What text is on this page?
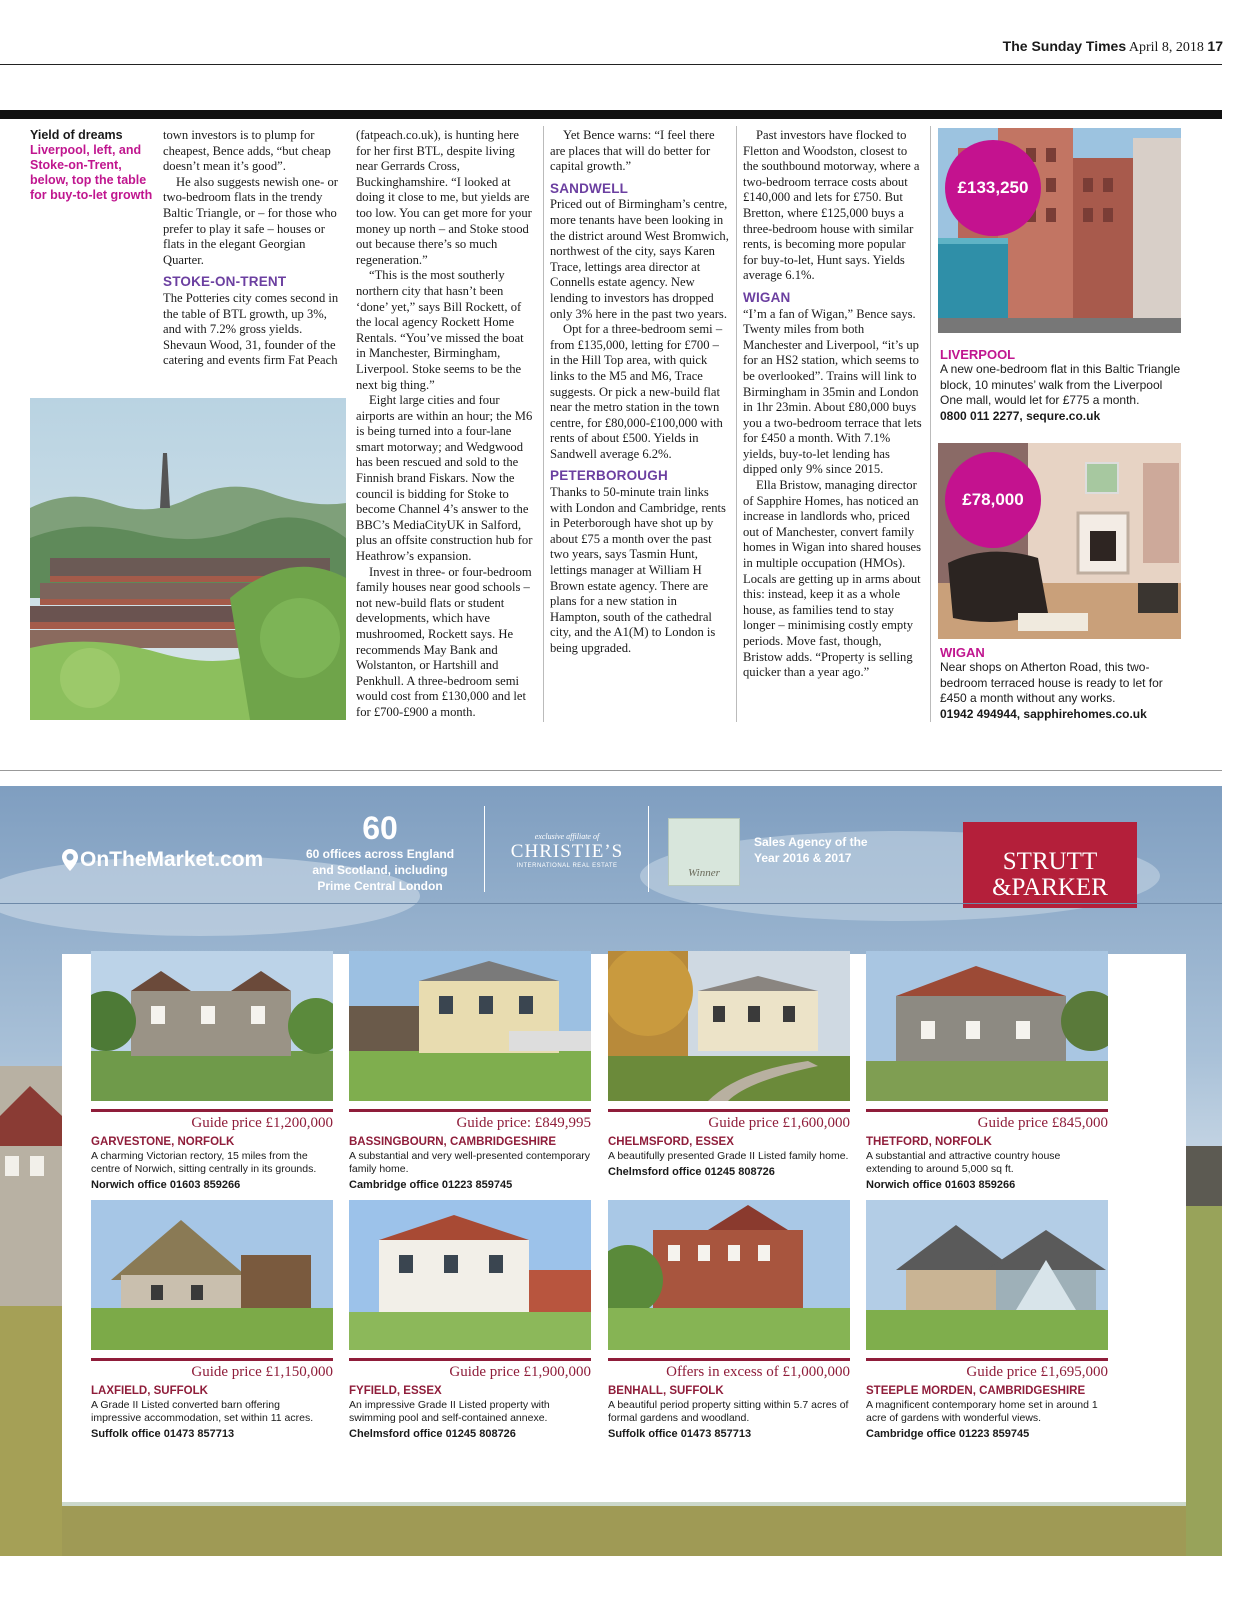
The Sunday Times April 8, 2018 17
Yield of dreams
Liverpool, left, and Stoke-on-Trent, below, top the table for buy-to-let growth

town investors is to plump for cheapest, Bence adds, “but cheap doesn’t mean it’s good”.

He also suggests newish one- or two-bedroom flats in the trendy Baltic Triangle, or – for those who prefer to play it safe – houses or flats in the elegant Georgian Quarter.

STOKE-ON-TRENT

The Potteries city comes second in the table of BTL growth, up 3%, and with 7.2% gross yields. Shevaun Wood, 31, founder of the catering and events firm Fat Peach

(fatpeach.co.uk), is hunting here for her first BTL, despite living near Gerrards Cross, Buckinghamshire. “I looked at doing it close to me, but yields are too low. You can get more for your money up north – and Stoke stood out because there’s so much regeneration.”

“This is the most southerly northern city that hasn’t been ‘done’ yet,” says Bill Rockett, of the local agency Rockett Home Rentals. “You’ve missed the boat in Manchester, Birmingham, Liverpool. Stoke seems to be the next big thing.”

Eight large cities and four airports are within an hour; the M6 is being turned into a four-lane smart motorway; and Wedgwood has been rescued and sold to the Finnish brand Fiskars. Now the council is bidding for Stoke to become Channel 4’s answer to the BBC’s MediaCityUK in Salford, plus an offsite construction hub for Heathrow’s expansion.

Invest in three- or four-bedroom family houses near good schools – not new-build flats or student developments, which have mushroomed, Rockett says. He recommends May Bank and Wolstanton, or Hartshill and Penkhull. A three-bedroom semi would cost from £130,000 and let for £700-£900 a month.

Yet Bence warns: “I feel there are places that will do better for capital growth.”

SANDWELL

Priced out of Birmingham’s centre, more tenants have been looking in the district around West Bromwich, northwest of the city, says Karen Trace, lettings area director at Connells estate agency. New lending to investors has dropped only 3% here in the past two years.

Opt for a three-bedroom semi – from £135,000, letting for £700 – in the Hill Top area, with quick links to the M5 and M6, Trace suggests. Or pick a new-build flat near the metro station in the town centre, for £80,000-£100,000 with rents of about £500. Yields in Sandwell average 6.2%.

PETERBOROUGH

Thanks to 50-minute train links with London and Cambridge, rents in Peterborough have shot up by about £75 a month over the past two years, says Tasmin Hunt, lettings manager at William H Brown estate agency. There are plans for a new station in Hampton, south of the cathedral city, and the A1(M) to London is being upgraded.

Past investors have flocked to Fletton and Woodston, closest to the southbound motorway, where a two-bedroom terrace costs about £140,000 and lets for £750. But Bretton, where £125,000 buys a three-bedroom house with similar rents, is becoming more popular for buy-to-let, Hunt says. Yields average 6.1%.

WIGAN

“I’m a fan of Wigan,” Bence says. Twenty miles from both Manchester and Liverpool, “it’s up for an HS2 station, which seems to be overlooked”. Trains will link to Birmingham in 35min and London in 1hr 23min. About £80,000 buys you a two-bedroom terrace that lets for £450 a month. With 7.1% yields, buy-to-let lending has dipped only 9% since 2015.

Ella Bristow, managing director of Sapphire Homes, has noticed an increase in landlords who, priced out of Manchester, convert family homes in Wigan into shared houses in multiple occupation (HMOs). Locals are getting up in arms about this: instead, keep it as a whole house, as families tend to stay longer – minimising costly empty periods. Move fast, though, Bristow adds. “Property is selling quicker than a year ago.”

£133,250
LIVERPOOL
A new one-bedroom flat in this Baltic Triangle block, 10 minutes’ walk from the Liverpool One mall, would let for £775 a month.
0800 011 2277, sequre.co.uk
£78,000
WIGAN
Near shops on Atherton Road, this two-bedroom terraced house is ready to let for £450 a month without any works.
01942 494944, sapphirehomes.co.uk
OnTheMarket.com
60
60 offices across England and Scotland, including Prime Central London
exclusive affiliate of
CHRISTIE’S
INTERNATIONAL REAL ESTATE
Winner
Sales Agency of the Year 2016 & 2017	STRUTT
&PARKER
Guide price £1,200,000
GARVESTONE, NORFOLK
A charming Victorian rectory, 15 miles from the centre of Norwich, sitting centrally in its grounds.
Norwich office 01603 859266
Guide price: £849,995
BASSINGBOURN, CAMBRIDGESHIRE
A substantial and very well-presented contemporary family home.
Cambridge office 01223 859745
Guide price £1,600,000
CHELMSFORD, ESSEX
A beautifully presented Grade II Listed family home.
Chelmsford office 01245 808726
Guide price £845,000
THETFORD, NORFOLK
A substantial and attractive country house extending to around 5,000 sq ft.
Norwich office 01603 859266
Guide price £1,150,000
LAXFIELD, SUFFOLK
A Grade II Listed converted barn offering impressive accommodation, set within 11 acres.
Suffolk office 01473 857713
Guide price £1,900,000
FYFIELD, ESSEX
An impressive Grade II Listed property with swimming pool and self-contained annexe.
Chelmsford office 01245 808726
Offers in excess of £1,000,000
BENHALL, SUFFOLK
A beautiful period property sitting within 5.7 acres of formal gardens and woodland.
Suffolk office 01473 857713
Guide price £1,695,000
STEEPLE MORDEN, CAMBRIDGESHIRE
A magnificent contemporary home set in around 1 acre of gardens with wonderful views.
Cambridge office 01223 859745
